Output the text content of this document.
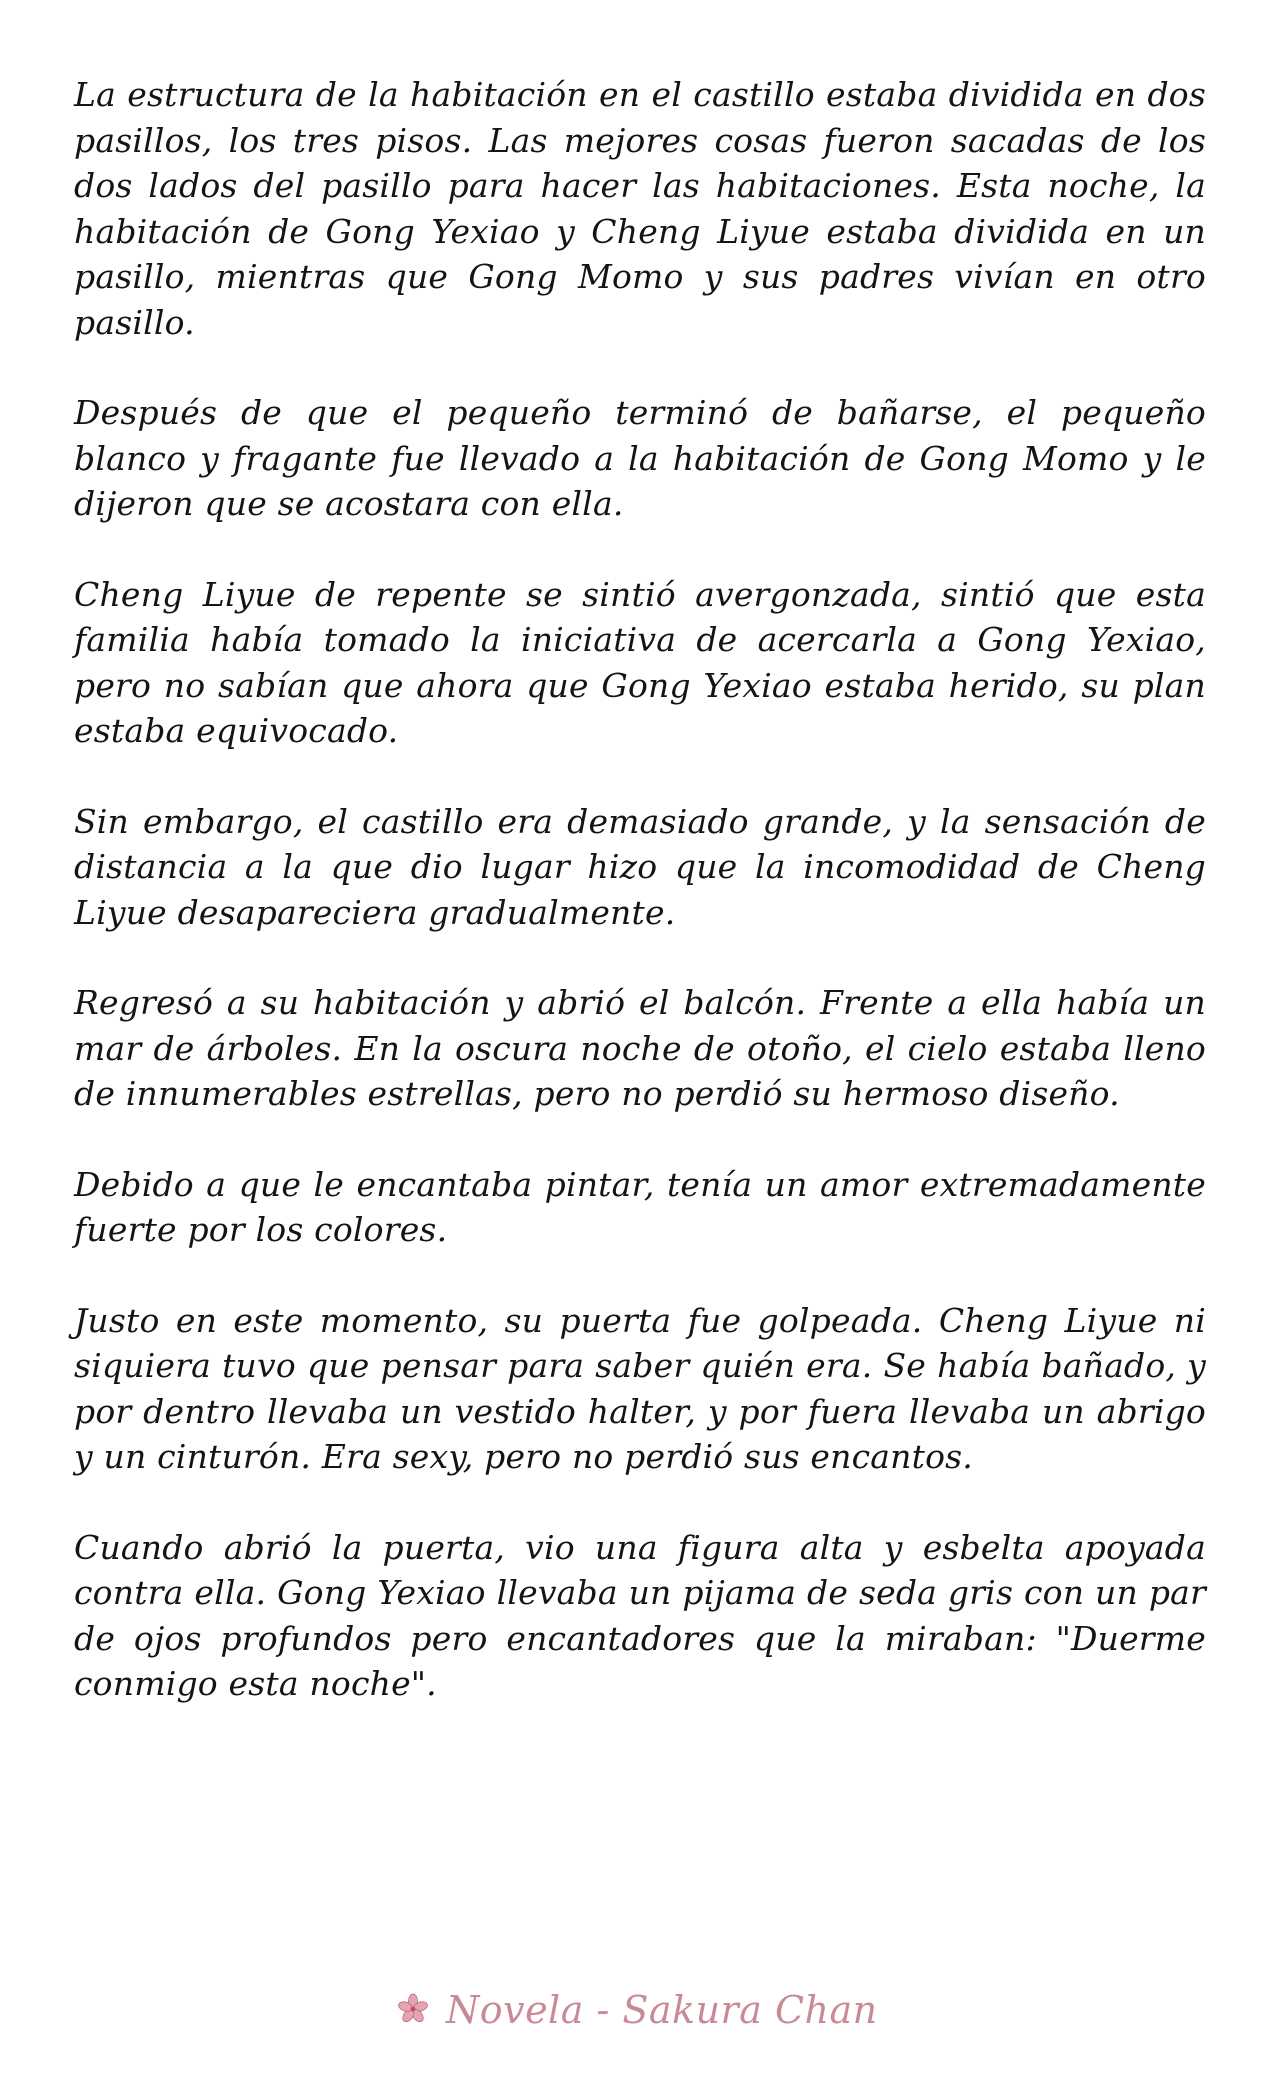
La estructura de la habitación en el castillo estaba dividida en dos pasillos, los tres pisos. Las mejores cosas fueron sacadas de los dos lados del pasillo para hacer las habitaciones. Esta noche, la habitación de Gong Yexiao y Cheng Liyue estaba dividida en un pasillo, mientras que Gong Momo y sus padres vivían en otro pasillo.

Después de que el pequeño terminó de bañarse, el pequeño blanco y fragante fue llevado a la habitación de Gong Momo y le dijeron que se acostara con ella.

Cheng Liyue de repente se sintió avergonzada, sintió que esta familia había tomado la iniciativa de acercarla a Gong Yexiao, pero no sabían que ahora que Gong Yexiao estaba herido, su plan estaba equivocado.

Sin embargo, el castillo era demasiado grande, y la sensación de distancia a la que dio lugar hizo que la incomodidad de Cheng Liyue desapareciera gradualmente.

Regresó a su habitación y abrió el balcón. Frente a ella había un mar de árboles. En la oscura noche de otoño, el cielo estaba lleno de innumerables estrellas, pero no perdió su hermoso diseño.

Debido a que le encantaba pintar, tenía un amor extremadamente fuerte por los colores.

Justo en este momento, su puerta fue golpeada. Cheng Liyue ni siquiera tuvo que pensar para saber quién era. Se había bañado, y por dentro llevaba un vestido halter, y por fuera llevaba un abrigo y un cinturón. Era sexy, pero no perdió sus encantos.

Cuando abrió la puerta, vio una figura alta y esbelta apoyada contra ella. Gong Yexiao llevaba un pijama de seda gris con un par de ojos profundos pero encantadores que la miraban: "Duerme conmigo esta noche".

Novela - Sakura Chan
